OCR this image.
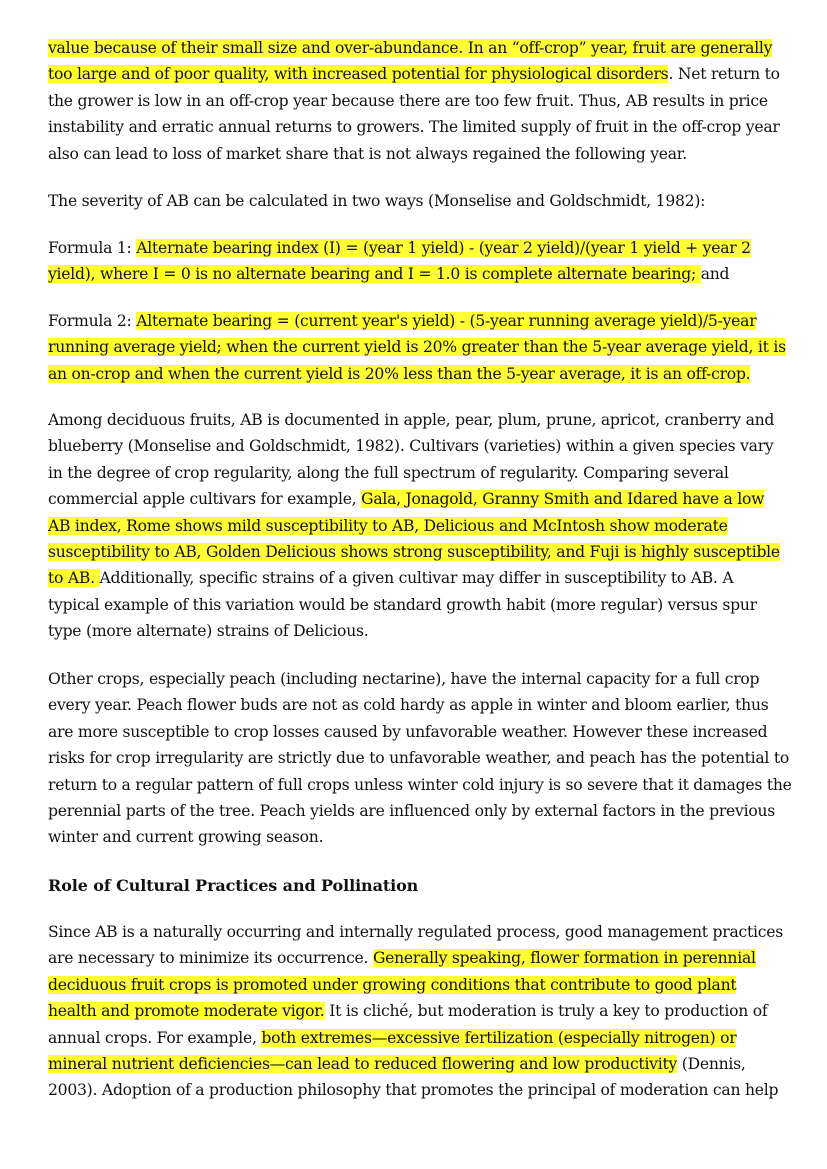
value because of their small size and over-abundance. In an “off-crop” year, fruit are generally
too large and of poor quality, with increased potential for physiological disorders. Net return to
the grower is low in an off-crop year because there are too few fruit. Thus, AB results in price
instability and erratic annual returns to growers. The limited supply of fruit in the off-crop year
also can lead to loss of market share that is not always regained the following year.
The severity of AB can be calculated in two ways (Monselise and Goldschmidt, 1982):
Formula 1: Alternate bearing index (I) = (year 1 yield) - (year 2 yield)/(year 1 yield + year 2
yield), where I = 0 is no alternate bearing and I = 1.0 is complete alternate bearing; and
Formula 2: Alternate bearing = (current year's yield) - (5-year running average yield)/5-year
running average yield; when the current yield is 20% greater than the 5-year average yield, it is
an on-crop and when the current yield is 20% less than the 5-year average, it is an off-crop.
Among deciduous fruits, AB is documented in apple, pear, plum, prune, apricot, cranberry and
blueberry (Monselise and Goldschmidt, 1982). Cultivars (varieties) within a given species vary
in the degree of crop regularity, along the full spectrum of regularity. Comparing several
commercial apple cultivars for example, Gala, Jonagold, Granny Smith and Idared have a low
AB index, Rome shows mild susceptibility to AB, Delicious and McIntosh show moderate
susceptibility to AB, Golden Delicious shows strong susceptibility, and Fuji is highly susceptible
to AB. Additionally, specific strains of a given cultivar may differ in susceptibility to AB. A
typical example of this variation would be standard growth habit (more regular) versus spur
type (more alternate) strains of Delicious.
Other crops, especially peach (including nectarine), have the internal capacity for a full crop
every year. Peach flower buds are not as cold hardy as apple in winter and bloom earlier, thus
are more susceptible to crop losses caused by unfavorable weather. However these increased
risks for crop irregularity are strictly due to unfavorable weather, and peach has the potential to
return to a regular pattern of full crops unless winter cold injury is so severe that it damages the
perennial parts of the tree. Peach yields are influenced only by external factors in the previous
winter and current growing season.
Role of Cultural Practices and Pollination
Since AB is a naturally occurring and internally regulated process, good management practices
are necessary to minimize its occurrence. Generally speaking, flower formation in perennial
deciduous fruit crops is promoted under growing conditions that contribute to good plant
health and promote moderate vigor. It is cliché, but moderation is truly a key to production of
annual crops. For example, both extremes—excessive fertilization (especially nitrogen) or
mineral nutrient deficiencies—can lead to reduced flowering and low productivity (Dennis,
2003). Adoption of a production philosophy that promotes the principal of moderation can help
